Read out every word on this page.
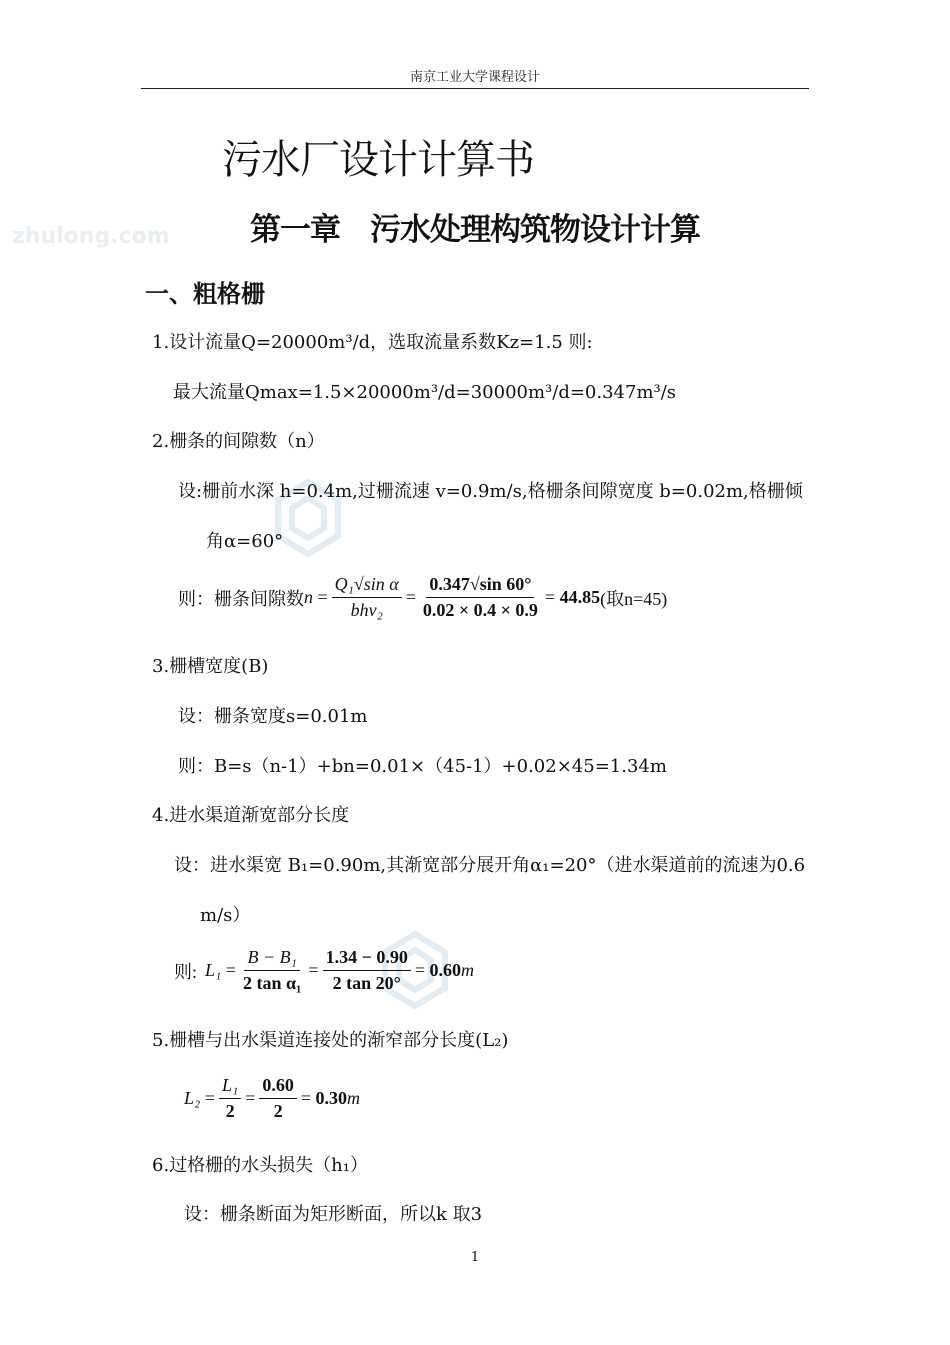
南京工业大学课程设计
zhulong.com
污水厂设计计算书
第一章　污水处理构筑物设计计算
一、粗格栅
1.设计流量Q=20000m³/d，选取流量系数Kz=1.5 则:
最大流量Qmax=1.5×20000m³/d=30000m³/d=0.347m³/s
2.栅条的间隙数（n）
设:栅前水深 h=0.4m,过栅流速 v=0.9m/s,格栅条间隙宽度 b=0.02m,格栅倾
角α=60°
则：栅条间隙数 $n = \frac{\text{Q₁√sin α}}{\text{bhv₂}} = \frac{0.347√\sin 60^\circ}{0.02 \times 0.4 \times 0.9} = 44.85$ (取n=45)
3.栅槽宽度(B)
设：栅条宽度s=0.01m
则：B=s（n-1）+bn=0.01×（45-1）+0.02×45=1.34m
4.进水渠道渐宽部分长度
设：进水渠宽 B₁=0.90m,其渐宽部分展开角α₁=20°（进水渠道前的流速为0.6
m/s）
则: $L_1 = \frac{\text{B − B₁}}{\text{2 tan α₁}} = \frac{1.34 - 0.90}{2 \tan 20^\circ} = 0.60$ m
5.栅槽与出水渠道连接处的渐窄部分长度(L₂)
$L_2 = \frac{\text{L₁}}{2} = \frac{0.60}{2} = 0.30$ m
6.过格栅的水头损失（h₁）
设：栅条断面为矩形断面，所以k 取3
1
